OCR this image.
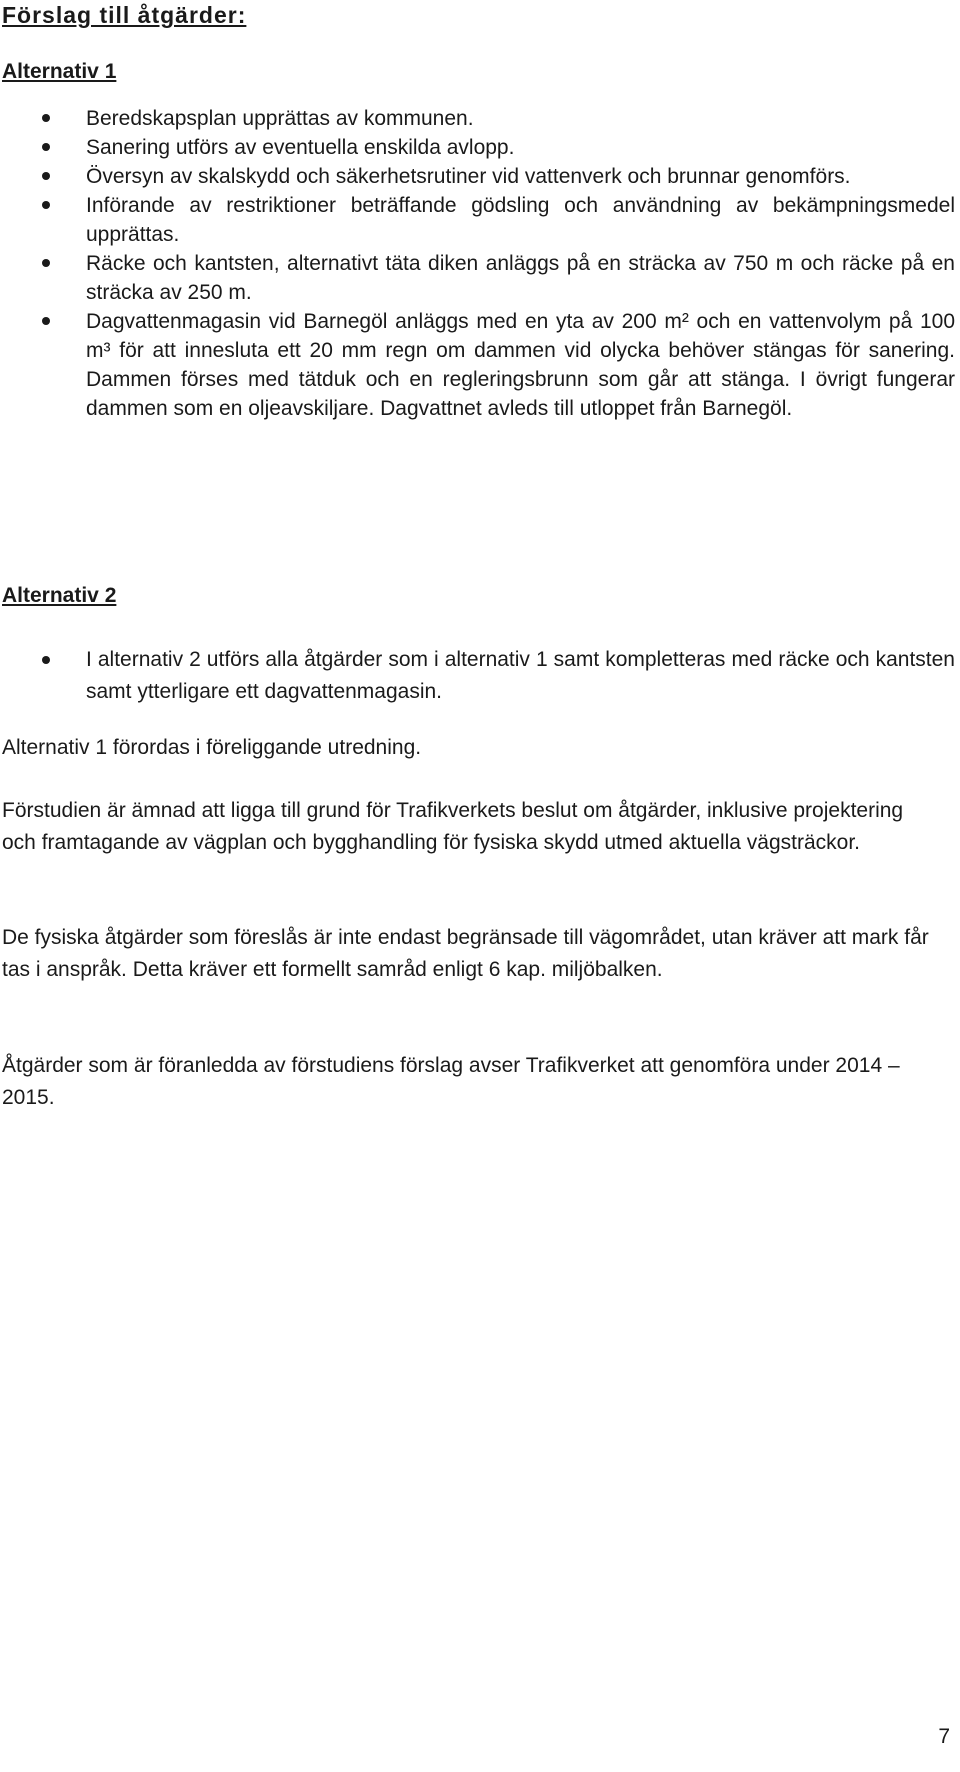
Förslag till åtgärder:
Alternativ 1
Beredskapsplan upprättas av kommunen.
Sanering utförs av eventuella enskilda avlopp.
Översyn av skalskydd och säkerhetsrutiner vid vattenverk och brunnar genomförs.
Införande av restriktioner beträffande gödsling och användning av bekämpningsmedel upprättas.
Räcke och kantsten, alternativt täta diken anläggs på en sträcka av 750 m och räcke på en sträcka av 250 m.
Dagvattenmagasin vid Barnegöl anläggs med en yta av 200 m² och en vattenvolym på 100 m³ för att innesluta ett 20 mm regn om dammen vid olycka behöver stängas för sanering. Dammen förses med tätduk och en regleringsbrunn som går att stänga. I övrigt fungerar dammen som en oljeavskiljare. Dagvattnet avleds till utloppet från Barnegöl.
Alternativ 2
I alternativ 2 utförs alla åtgärder som i alternativ 1 samt kompletteras med räcke och kantsten samt ytterligare ett dagvattenmagasin.

Alternativ 1 förordas i föreliggande utredning.

Förstudien är ämnad att ligga till grund för Trafikverkets beslut om åtgärder, inklusive projektering och framtagande av vägplan och bygghandling för fysiska skydd utmed aktuella vägsträckor.

De fysiska åtgärder som föreslås är inte endast begränsade till vägområdet, utan kräver att mark får tas i anspråk. Detta kräver ett formellt samråd enligt 6 kap. miljöbalken.

Åtgärder som är föranledda av förstudiens förslag avser Trafikverket att genomföra under 2014 – 2015.

7
